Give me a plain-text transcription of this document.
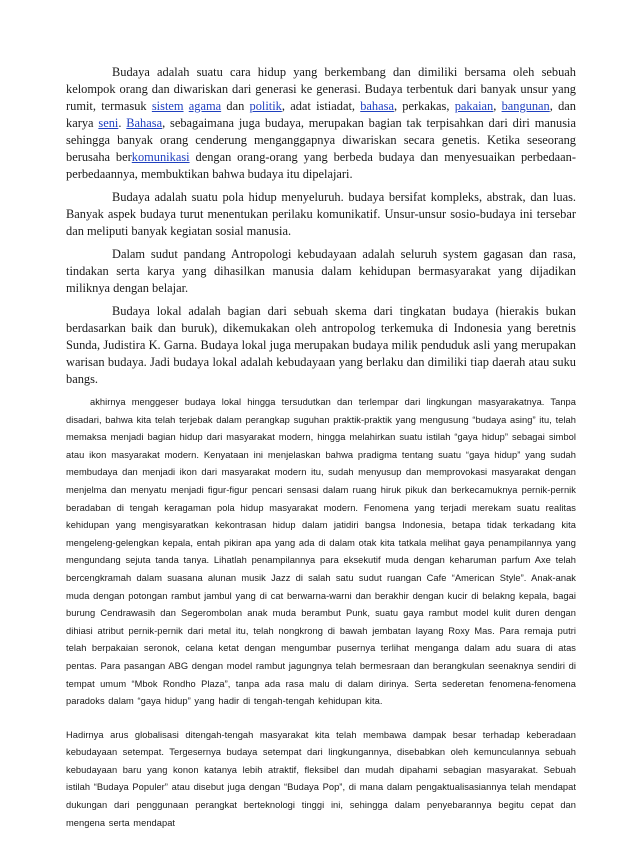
Budaya adalah suatu cara hidup yang berkembang dan dimiliki bersama oleh sebuah kelompok orang dan diwariskan dari generasi ke generasi. Budaya terbentuk dari banyak unsur yang rumit, termasuk sistem agama dan politik, adat istiadat, bahasa, perkakas, pakaian, bangunan, dan karya seni. Bahasa, sebagaimana juga budaya, merupakan bagian tak terpisahkan dari diri manusia sehingga banyak orang cenderung menganggapnya diwariskan secara genetis. Ketika seseorang berusaha berkomunikasi dengan orang-orang yang berbeda budaya dan menyesuaikan perbedaan-perbedaannya, membuktikan bahwa budaya itu dipelajari.

Budaya adalah suatu pola hidup menyeluruh. budaya bersifat kompleks, abstrak, dan luas. Banyak aspek budaya turut menentukan perilaku komunikatif. Unsur-unsur sosio-budaya ini tersebar dan meliputi banyak kegiatan sosial manusia.

Dalam sudut pandang Antropologi kebudayaan adalah seluruh system gagasan dan rasa, tindakan serta karya yang dihasilkan manusia dalam kehidupan bermasyarakat yang dijadikan miliknya dengan belajar.

Budaya lokal adalah bagian dari sebuah skema dari tingkatan budaya (hierakis bukan berdasarkan baik dan buruk), dikemukakan oleh antropolog terkemuka di Indonesia yang beretnis Sunda, Judistira K. Garna. Budaya lokal juga merupakan budaya milik penduduk asli yang merupakan warisan budaya. Jadi budaya lokal adalah kebudayaan yang berlaku dan dimiliki tiap daerah atau suku bangs.

akhirnya menggeser budaya lokal hingga tersudutkan dan terlempar dari lingkungan masyarakatnya. Tanpa disadari, bahwa kita telah terjebak dalam perangkap suguhan praktik-praktik yang mengusung “budaya asing” itu, telah memaksa menjadi bagian hidup dari masyarakat modern, hingga melahirkan suatu istilah “gaya hidup” sebagai simbol atau ikon masyarakat modern. Kenyataan ini menjelaskan bahwa pradigma tentang suatu “gaya hidup” yang sudah membudaya dan menjadi ikon dari masyarakat modern itu, sudah menyusup dan memprovokasi masyarakat dengan menjelma dan menyatu menjadi figur-figur pencari sensasi dalam ruang hiruk pikuk dan berkecamuknya pernik-pernik beradaban di tengah keragaman pola hidup masyarakat modern. Fenomena yang terjadi merekam suatu realitas kehidupan yang mengisyaratkan kekontrasan hidup dalam jatidiri bangsa Indonesia, betapa tidak terkadang kita mengeleng-gelengkan kepala, entah pikiran apa yang ada di dalam otak kita tatkala melihat gaya penampilannya yang mengundang sejuta tanda tanya. Lihatlah penampilannya para eksekutif muda dengan keharuman parfum Axe telah bercengkramah dalam suasana alunan musik Jazz di salah satu sudut ruangan Cafe “American Style”. Anak-anak muda dengan potongan rambut jambul yang di cat berwarna-warni dan berakhir dengan kucir di belakng kepala, bagai burung Cendrawasih dan Segerombolan anak muda berambut Punk, suatu gaya rambut model kulit duren dengan dihiasi atribut pernik-pernik dari metal itu, telah nongkrong di bawah jembatan layang Roxy Mas. Para remaja putri telah berpakaian seronok, celana ketat dengan mengumbar pusernya terlihat menganga dalam adu suara di atas pentas. Para pasangan ABG dengan model rambut jagungnya telah bermesraan dan berangkulan seenaknya sendiri di tempat umum “Mbok Rondho Plaza”, tanpa ada rasa malu di dalam dirinya. Serta sederetan fenomena-fenomena paradoks dalam “gaya hidup” yang hadir di tengah-tengah kehidupan kita.

Hadirnya arus globalisasi ditengah-tengah masyarakat kita telah membawa dampak besar terhadap keberadaan kebudayaan setempat. Tergesernya budaya setempat dari lingkungannya, disebabkan oleh kemunculannya sebuah kebudayaan baru yang konon katanya lebih atraktif, fleksibel dan mudah dipahami sebagian masyarakat. Sebuah istilah “Budaya Populer” atau disebut juga dengan “Budaya Pop”, di mana dalam pengaktualisasiannya telah mendapat dukungan dari penggunaan perangkat berteknologi tinggi ini, sehingga dalam penyebarannya begitu cepat dan mengena serta mendapat
